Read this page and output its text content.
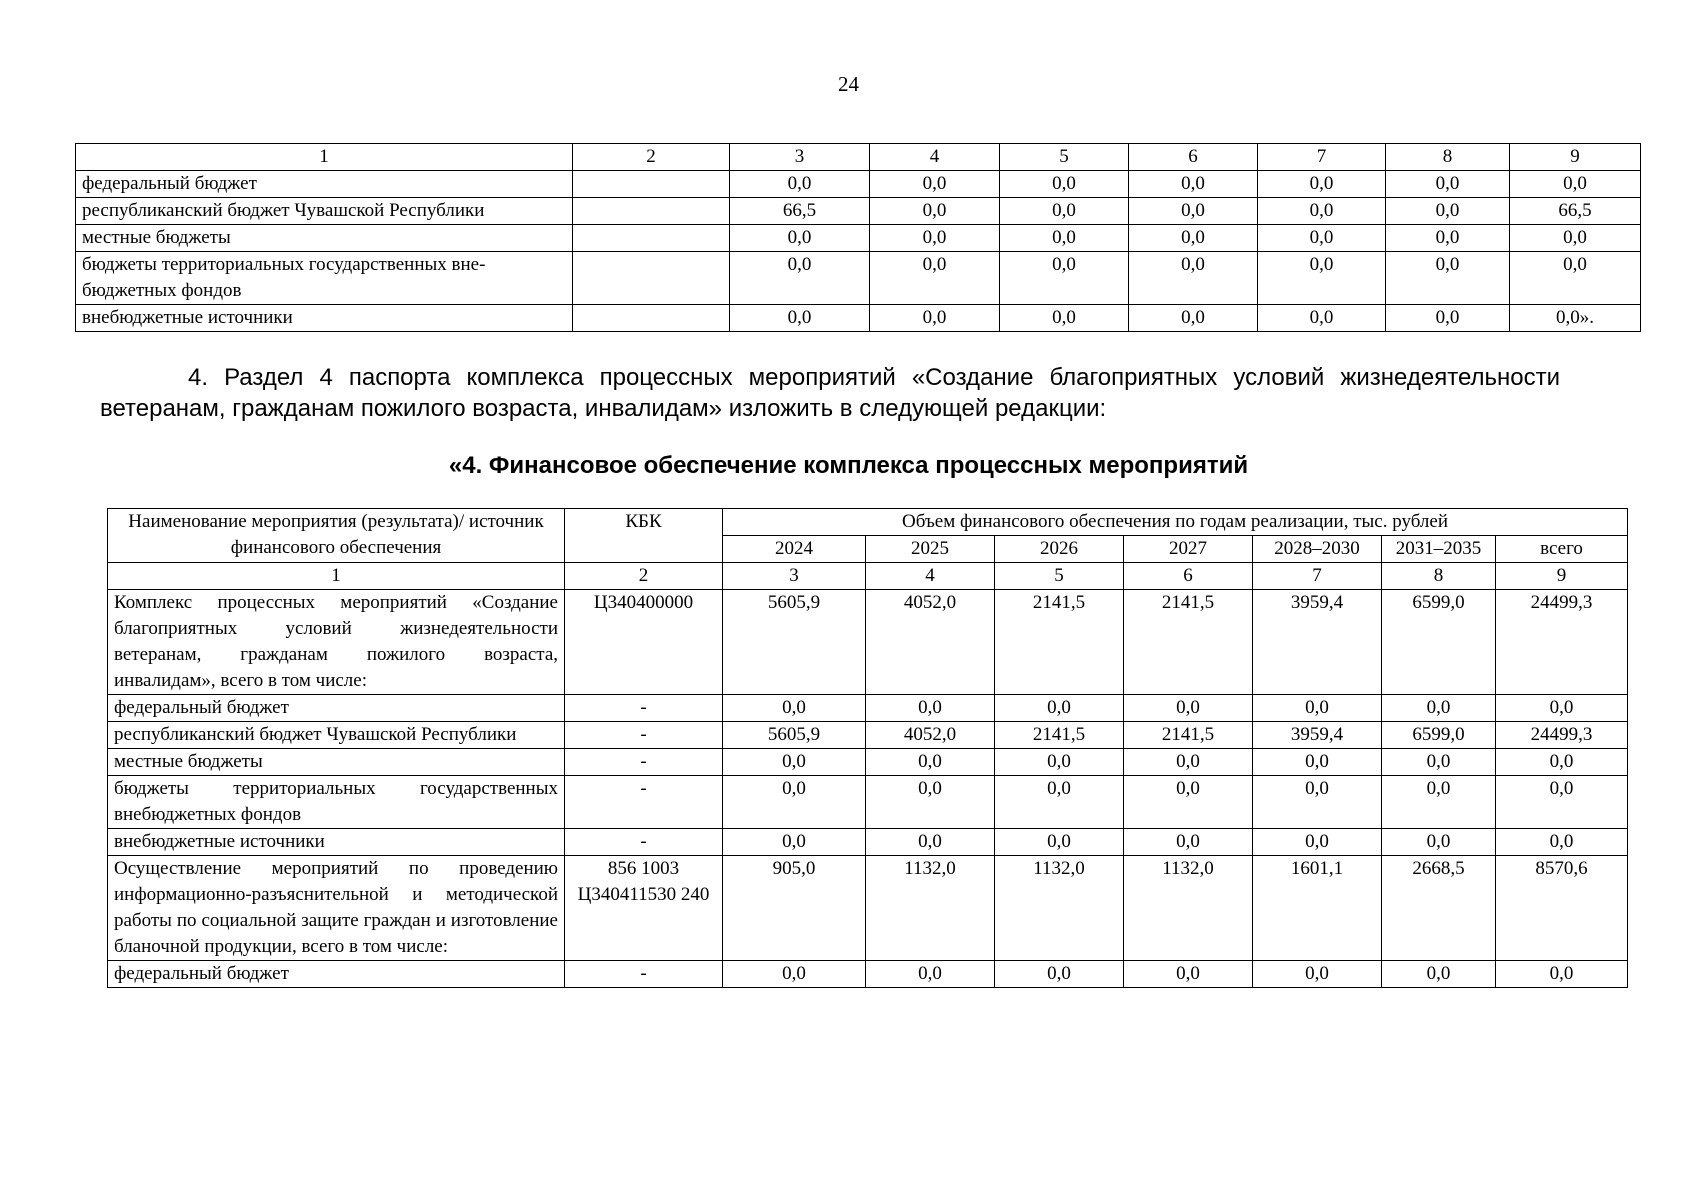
24
1	2	3	4	5	6	7	8	9
федеральный бюджет		0,0	0,0	0,0	0,0	0,0	0,0	0,0
республиканский бюджет Чувашской Республики		66,5	0,0	0,0	0,0	0,0	0,0	66,5
местные бюджеты		0,0	0,0	0,0	0,0	0,0	0,0	0,0
бюджеты территориальных государственных внебюджетных фондов		0,0	0,0	0,0	0,0	0,0	0,0	0,0
внебюджетные источники		0,0	0,0	0,0	0,0	0,0	0,0	0,0».
4. Раздел 4 паспорта комплекса процессных мероприятий «Создание благоприятных условий жизнедеятельности ветеранам, гражданам пожилого возраста, инвалидам» изложить в следующей редакции:
«4. Финансовое обеспечение комплекса процессных мероприятий
Наименование мероприятия (результата)/ источник финансового обеспечения	КБК	Объем финансового обеспечения по годам реализации, тыс. рублей						
		2024	2025	2026	2027	2028–2030	2031–2035	всего
1	2	3	4	5	6	7	8	9
Комплекс процессных мероприятий «Создание благоприятных условий жизнедеятельности ветеранам, гражданам пожилого возраста, инвалидам», всего в том числе:	Ц340400000	5605,9	4052,0	2141,5	2141,5	3959,4	6599,0	24499,3
федеральный бюджет	-	0,0	0,0	0,0	0,0	0,0	0,0	0,0
республиканский бюджет Чувашской Республики	-	5605,9	4052,0	2141,5	2141,5	3959,4	6599,0	24499,3
местные бюджеты	-	0,0	0,0	0,0	0,0	0,0	0,0	0,0
бюджеты территориальных государственных внебюджетных фондов	-	0,0	0,0	0,0	0,0	0,0	0,0	0,0
внебюджетные источники	-	0,0	0,0	0,0	0,0	0,0	0,0	0,0
Осуществление мероприятий по проведению информационно-разъяснительной и методической работы по социальной защите граждан и изготовление бланочной продукции, всего в том числе:	856 1003 Ц340411530 240	905,0	1132,0	1132,0	1132,0	1601,1	2668,5	8570,6
федеральный бюджет	-	0,0	0,0	0,0	0,0	0,0	0,0	0,0
